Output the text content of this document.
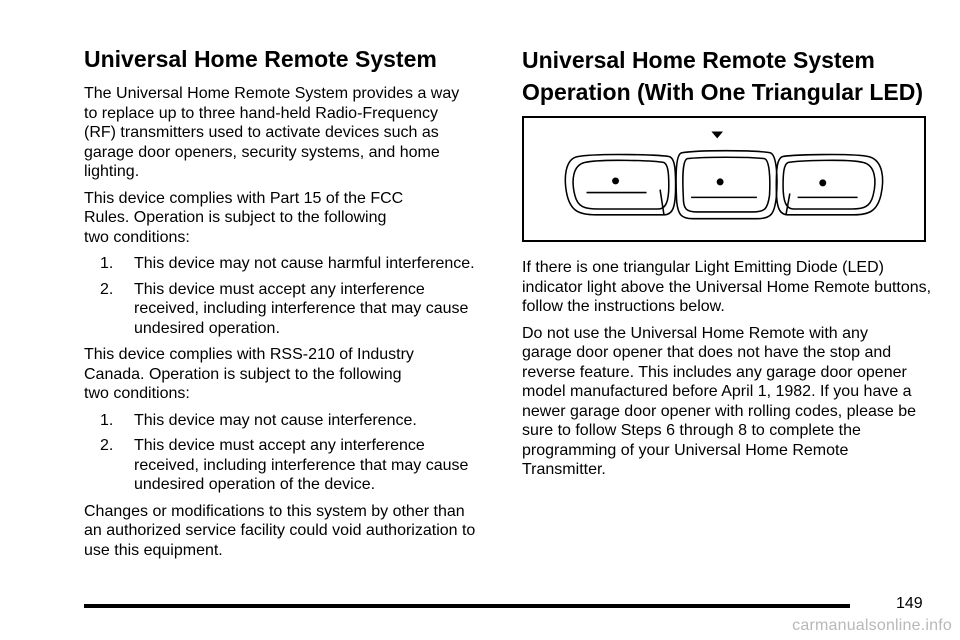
Universal Home Remote System

The Universal Home Remote System provides a way to replace up to three hand-held Radio-Frequency (RF) transmitters used to activate devices such as garage door openers, security systems, and home lighting.

This device complies with Part 15 of the FCC Rules. Operation is subject to the following two conditions:

1. This device may not cause harmful interference.
2. This device must accept any interference received, including interference that may cause undesired operation.

This device complies with RSS-210 of Industry Canada. Operation is subject to the following two conditions:

1. This device may not cause interference.
2. This device must accept any interference received, including interference that may cause undesired operation of the device.

Changes or modifications to this system by other than an authorized service facility could void authorization to use this equipment.

Universal Home Remote System Operation (With One Triangular LED)

If there is one triangular Light Emitting Diode (LED) indicator light above the Universal Home Remote buttons, follow the instructions below.

Do not use the Universal Home Remote with any garage door opener that does not have the stop and reverse feature. This includes any garage door opener model manufactured before April 1, 1982. If you have a newer garage door opener with rolling codes, please be sure to follow Steps 6 through 8 to complete the programming of your Universal Home Remote Transmitter.

149
carmanualsonline.info
